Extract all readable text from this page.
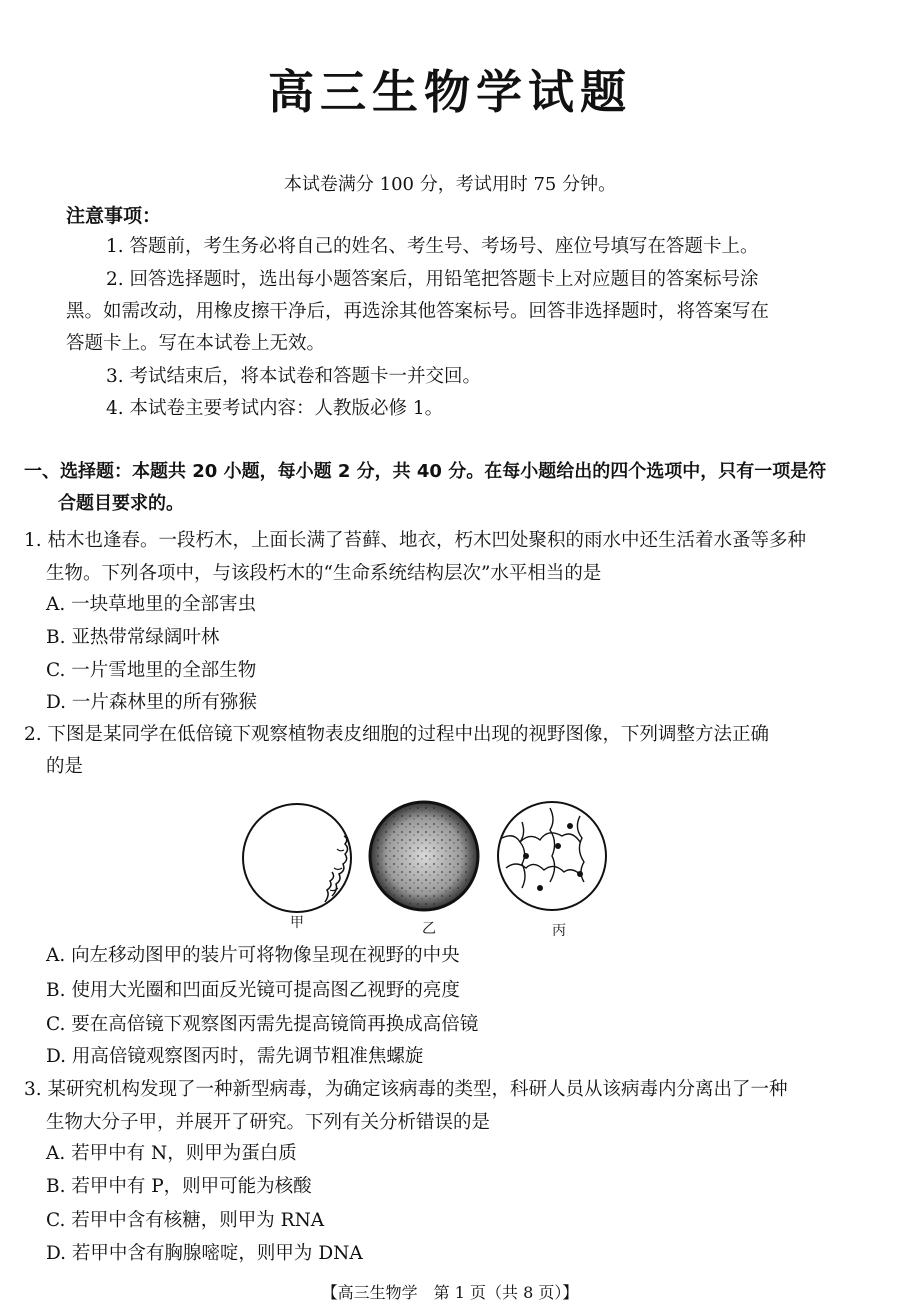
高三生物学试题
本试卷满分 100 分，考试用时 75 分钟。
注意事项：
1. 答题前，考生务必将自己的姓名、考生号、考场号、座位号填写在答题卡上。
2. 回答选择题时，选出每小题答案后，用铅笔把答题卡上对应题目的答案标号涂
黑。如需改动，用橡皮擦干净后，再选涂其他答案标号。回答非选择题时，将答案写在
答题卡上。写在本试卷上无效。
3. 考试结束后，将本试卷和答题卡一并交回。
4. 本试卷主要考试内容：人教版必修 1。
一、选择题：本题共 20 小题，每小题 2 分，共 40 分。在每小题给出的四个选项中，只有一项是符
合题目要求的。
1. 枯木也逢春。一段朽木，上面长满了苔藓、地衣，朽木凹处聚积的雨水中还生活着水蚤等多种
生物。下列各项中，与该段朽木的“生命系统结构层次”水平相当的是
A. 一块草地里的全部害虫
B. 亚热带常绿阔叶林
C. 一片雪地里的全部生物
D. 一片森林里的所有猕猴
2. 下图是某同学在低倍镜下观察植物表皮细胞的过程中出现的视野图像，下列调整方法正确
的是
甲	乙	丙
A. 向左移动图甲的装片可将物像呈现在视野的中央
B. 使用大光圈和凹面反光镜可提高图乙视野的亮度
C. 要在高倍镜下观察图丙需先提高镜筒再换成高倍镜
D. 用高倍镜观察图丙时，需先调节粗准焦螺旋
3. 某研究机构发现了一种新型病毒，为确定该病毒的类型，科研人员从该病毒内分离出了一种
生物大分子甲，并展开了研究。下列有关分析错误的是
A. 若甲中有 N，则甲为蛋白质
B. 若甲中有 P，则甲可能为核酸
C. 若甲中含有核糖，则甲为 RNA
D. 若甲中含有胸腺嘧啶，则甲为 DNA
【高三生物学　第 1 页（共 8 页）】
